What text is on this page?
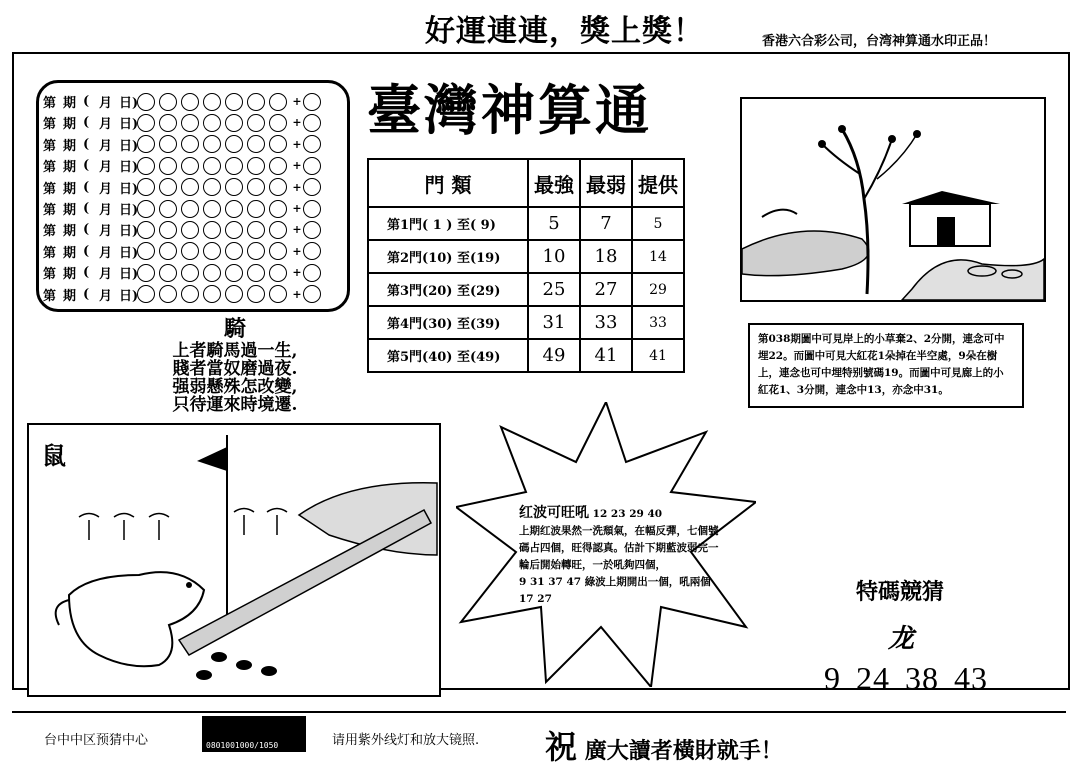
好運連連，獎上獎！	香港六合彩公司，台湾神算通水印正品！
第 期 ( 月 日)	+
第 期 ( 月 日)	+
第 期 ( 月 日)	+
第 期 ( 月 日)	+
第 期 ( 月 日)	+
第 期 ( 月 日)	+
第 期 ( 月 日)	+
第 期 ( 月 日)	+
第 期 ( 月 日)	+
第 期 ( 月 日)	+
臺灣神算通
門 類	最強	最弱	提供
第1門( 1 ) 至( 9)	5	7	5
第2門(10) 至(19)	10	18	14
第3門(20) 至(29)	25	27	29
第4門(30) 至(39)	31	33	33
第5門(40) 至(49)	49	41	41
騎
上者騎馬過一生,
賤者當奴磨過夜.
强弱懸殊怎改變,
只待運來時境遷.
第038期圖中可見岸上的小草棄2、2分開，連念可中埋22。而圖中可見大紅花1朵掉在半空處，9朵在樹上，連念也可中埋特别號碼19。而圖中可見廊上的小紅花1、3分開，連念中13，亦念中31。
鼠
红波可旺吼 12 23 29 40
上期红波果然一洗頹氣，在幅反彈，七個號碼占四個，旺得認真。估計下期藍波弱完一輪后開始轉旺，一於吼夠四個，
9 31 37 47 綠波上期開出一個，吼兩個 17 27	特碼競猜
龙
9 24 38 43
台中中区预猜中心	0801001000/1050	请用紫外线灯和放大镜照. 祝 廣大讀者橫財就手！
